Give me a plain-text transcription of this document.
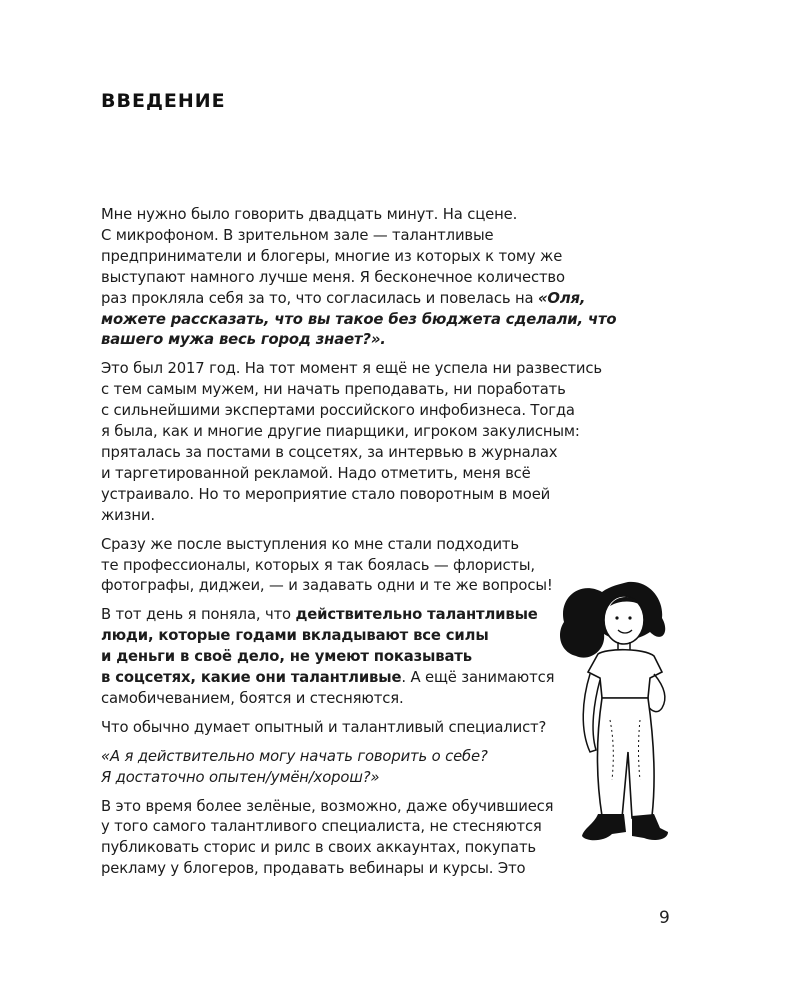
ВВЕДЕНИЕ
Мне нужно было говорить двадцать минут. На сцене.
С микрофоном. В зрительном зале — талантливые
предприниматели и блогеры, многие из которых к тому же
выступают намного лучше меня. Я бесконечное количество
раз прокляла себя за то, что согласилась и повелась на «Оля,
можете рассказать, что вы такое без бюджета сделали, что
вашего мужа весь город знает?».
Это был 2017 год. На тот момент я ещё не успела ни развестись
с тем самым мужем, ни начать преподавать, ни поработать
с сильнейшими экспертами российского инфобизнеса. Тогда
я была, как и многие другие пиарщики, игроком закулисным:
пряталась за постами в соцсетях, за интервью в журналах
и таргетированной рекламой. Надо отметить, меня всё
устраивало. Но то мероприятие стало поворотным в моей
жизни.
Сразу же после выступления ко мне стали подходить
те профессионалы, которых я так боялась — флористы,
фотографы, диджеи, — и задавать одни и те же вопросы!
В тот день я поняла, что действительно талантливые
люди, которые годами вкладывают все силы
и деньги в своё дело, не умеют показывать
в соцсетях, какие они талантливые. А ещё занимаются
самобичеванием, боятся и стесняются.
Что обычно думает опытный и талантливый специалист?
«А я действительно могу начать говорить о себе?
Я достаточно опытен/умён/хорош?»
В это время более зелёные, возможно, даже обучившиеся
у того самого талантливого специалиста, не стесняются
публиковать сторис и рилс в своих аккаунтах, покупать
рекламу у блогеров, продавать вебинары и курсы. Это
9
